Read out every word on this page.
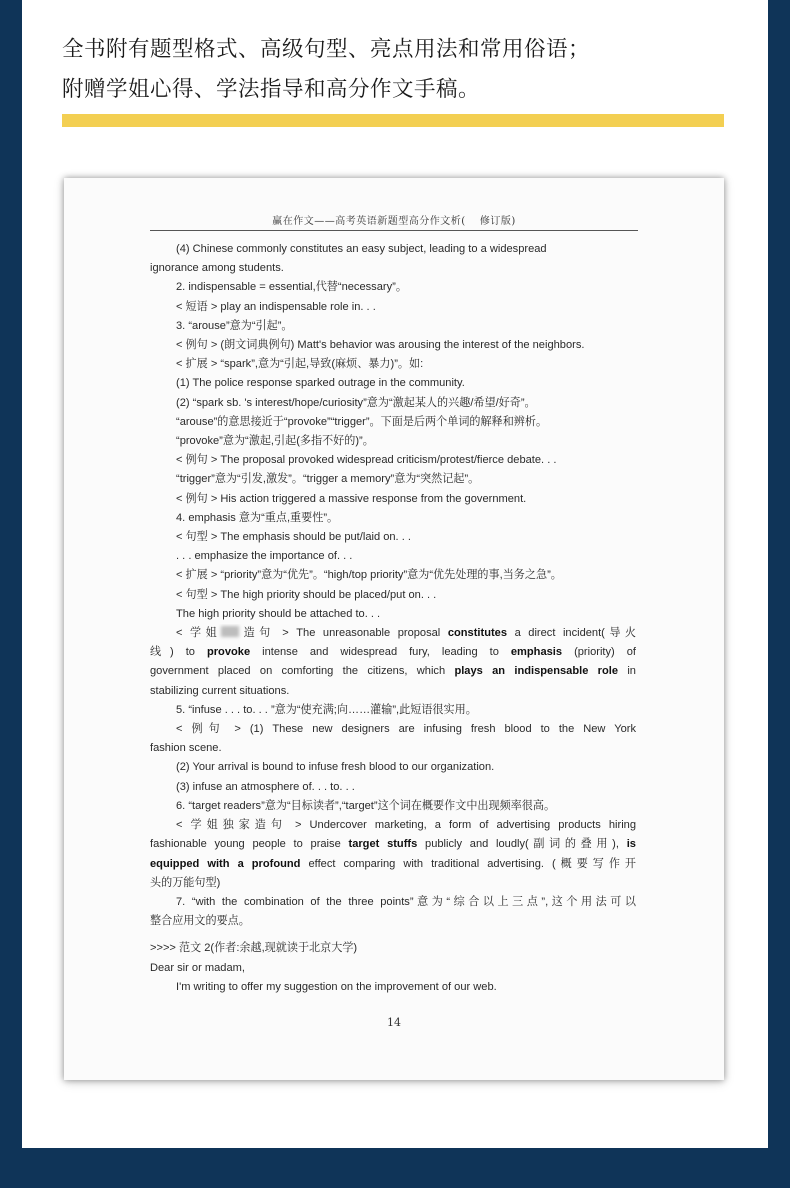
全书附有题型格式、高级句型、亮点用法和常用俗语；
附赠学姐心得、学法指导和高分作文手稿。
赢在作文——高考英语新题型高分作文析(　 修订版)
(4) Chinese commonly constitutes an easy subject, leading to a widespread
ignorance among students.
2. indispensable = essential,代替“necessary”。
< 短语 > play an indispensable role in. . .
3. “arouse”意为“引起”。
< 例句 > (朗文词典例句) Matt's behavior was arousing the interest of the neighbors.
< 扩展 > “spark”,意为“引起,导致(麻烦、暴力)”。如:
(1) The police response sparked outrage in the community.
(2) “spark sb. 's interest/hope/curiosity”意为“激起某人的兴趣/希望/好奇”。
“arouse”的意思接近于“provoke”“trigger”。下面是后两个单词的解释和辨析。
“provoke”意为“激起,引起(多指不好的)”。
< 例句 > The proposal provoked widespread criticism/protest/fierce debate. . .
“trigger”意为“引发,激发”。“trigger a memory”意为“突然记起”。
< 例句 > His action triggered a massive response from the government.
4. emphasis 意为“重点,重要性”。
< 句型 > The emphasis should be put/laid on. . .
. . . emphasize the importance of. . .
< 扩展 > “priority”意为“优先”。“high/top priority”意为“优先处理的事,当务之急”。
< 句型 > The high priority should be placed/put on. . .
The high priority should be attached to. . .
< 学姐 造句 > The unreasonable proposal constitutes a direct incident(导火
线) to provoke intense and widespread fury, leading to emphasis (priority) of
government placed on comforting the citizens, which plays an indispensable role in
stabilizing current situations.
5. “infuse . . . to. . . ”意为“使充满;向……灌输”,此短语很实用。
< 例句 > (1) These new designers are infusing fresh blood to the New York
fashion scene.
(2) Your arrival is bound to infuse fresh blood to our organization.
(3) infuse an atmosphere of. . . to. . .
6. “target readers”意为“目标读者”,“target”这个词在概要作文中出现频率很高。
< 学姐独家造句 > Undercover marketing, a form of advertising products hiring
fashionable young people to praise target stuffs publicly and loudly(副词的叠用), is
equipped with a profound effect comparing with traditional advertising. (概要写作开
头的万能句型)
7. “with the combination of the three points”意为“综合以上三点”,这个用法可以
整合应用文的要点。
>>>> 范文 2(作者:余越,现就读于北京大学)
Dear sir or madam,
I'm writing to offer my suggestion on the improvement of our web.
14
